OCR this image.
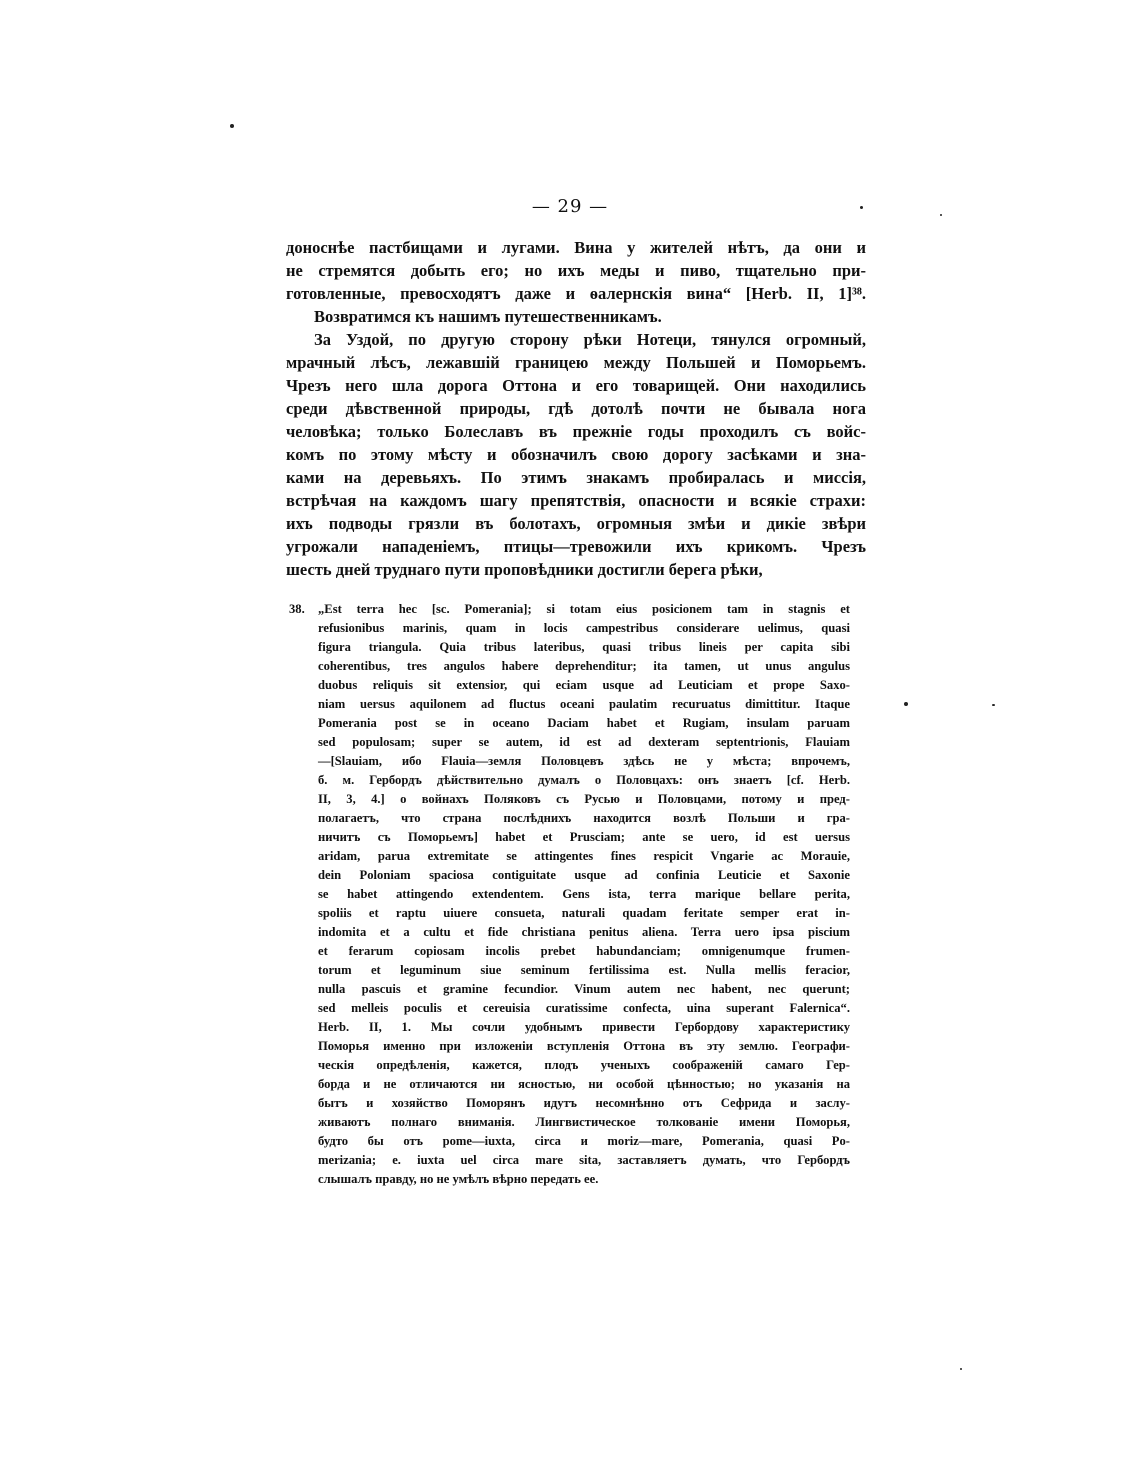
— 29 —
доноснѣе пастбищами и лугами. Вина у жителей нѣтъ, да они и
не стремятся добыть его; но ихъ меды и пиво, тщательно при-
готовленные, превосходятъ даже и ѳалернскія вина“ [Herb. II, 1]³⁸.
Возвратимся къ нашимъ путешественникамъ.
За Уздой, по другую сторону рѣки Нотеци, тянулся огромный,
мрачный лѣсъ, лежавшій границею между Польшей и Поморьемъ.
Чрезъ него шла дорога Оттона и его товарищей. Они находились
среди дѣвственной природы, гдѣ дотолѣ почти не бывала нога
человѣка; только Болеславъ въ прежніе годы проходилъ съ войс-
комъ по этому мѣсту и обозначилъ свою дорогу засѣками и зна-
ками на деревьяхъ. По этимъ знакамъ пробиралась и миссія,
встрѣчая на каждомъ шагу препятствія, опасности и всякіе страхи:
ихъ подводы грязли въ болотахъ, огромныя змѣи и дикіе звѣри
угрожали нападеніемъ, птицы—тревожили ихъ крикомъ. Чрезъ
шесть дней труднаго пути проповѣдники достигли берега рѣки,
38.	„Est terra hec [sc. Pomerania]; si totam eius posicionem tam in stagnis et
refusionibus marinis, quam in locis campestribus considerare uelimus, quasi
figura triangula. Quia tribus lateribus, quasi tribus lineis per capita sibi
coherentibus, tres angulos habere deprehenditur; ita tamen, ut unus angulus
duobus reliquis sit extensior, qui eciam usque ad Leuticiam et prope Saxo-
niam uersus aquilonem ad fluctus oceani paulatim recuruatus dimittitur. Itaque
Pomerania post se in oceano Daciam habet et Rugiam, insulam paruam
sed populosam; super se autem, id est ad dexteram septentrionis, Flauiam
—[Slauiam, ибо Flauia—земля Половцевъ здѣсь не у мѣста; впрочемъ,
б. м. Гербордъ дѣйствительно думалъ о Половцахъ: онъ знаетъ [cf. Herb.
II, 3, 4.] о войнахъ Поляковъ съ Русью и Половцами, потому и пред-
полагаетъ, что страна послѣднихъ находится возлѣ Польши и гра-
ничитъ съ Поморьемъ] habet et Prusciam; ante se uero, id est uersus
aridam, parua extremitate se attingentes fines respicit Vngarie ac Morauie,
dein Poloniam spaciosa contiguitate usque ad confinia Leuticie et Saxonie
se habet attingendo extendentem. Gens ista, terra marique bellare perita,
spoliis et raptu uiuere consueta, naturali quadam feritate semper erat in-
indomita et a cultu et fide christiana penitus aliena. Terra uero ipsa piscium
et ferarum copiosam incolis prebet habundanciam; omnigenumque frumen-
torum et leguminum siue seminum fertilissima est. Nulla mellis feracior,
nulla pascuis et gramine fecundior. Vinum autem nec habent, nec querunt;
sed melleis poculis et cereuisia curatissime confecta, uina superant Falernica“.
Herb. II, 1. Мы сочли удобнымъ привести Гербордову характеристику
Поморья именно при изложеніи вступленія Оттона въ эту землю. Географи-
ческія опредѣленія, кажется, плодъ ученыхъ соображеній самаго Гер-
борда и не отличаются ни ясностью, ни особой цѣнностью; но указанія на
бытъ и хозяйство Поморянъ идутъ несомнѣнно отъ Сефрида и заслу-
живаютъ полнаго вниманія. Лингвистическое толкованіе имени Поморья,
будто бы отъ pome—iuxta, circa и moriz—mare, Pomerania, quasi Po-
merizania; e. iuxta uel circa mare sita, заставляетъ думать, что Гербордъ
слышалъ правду, но не умѣлъ вѣрно передать ее.
